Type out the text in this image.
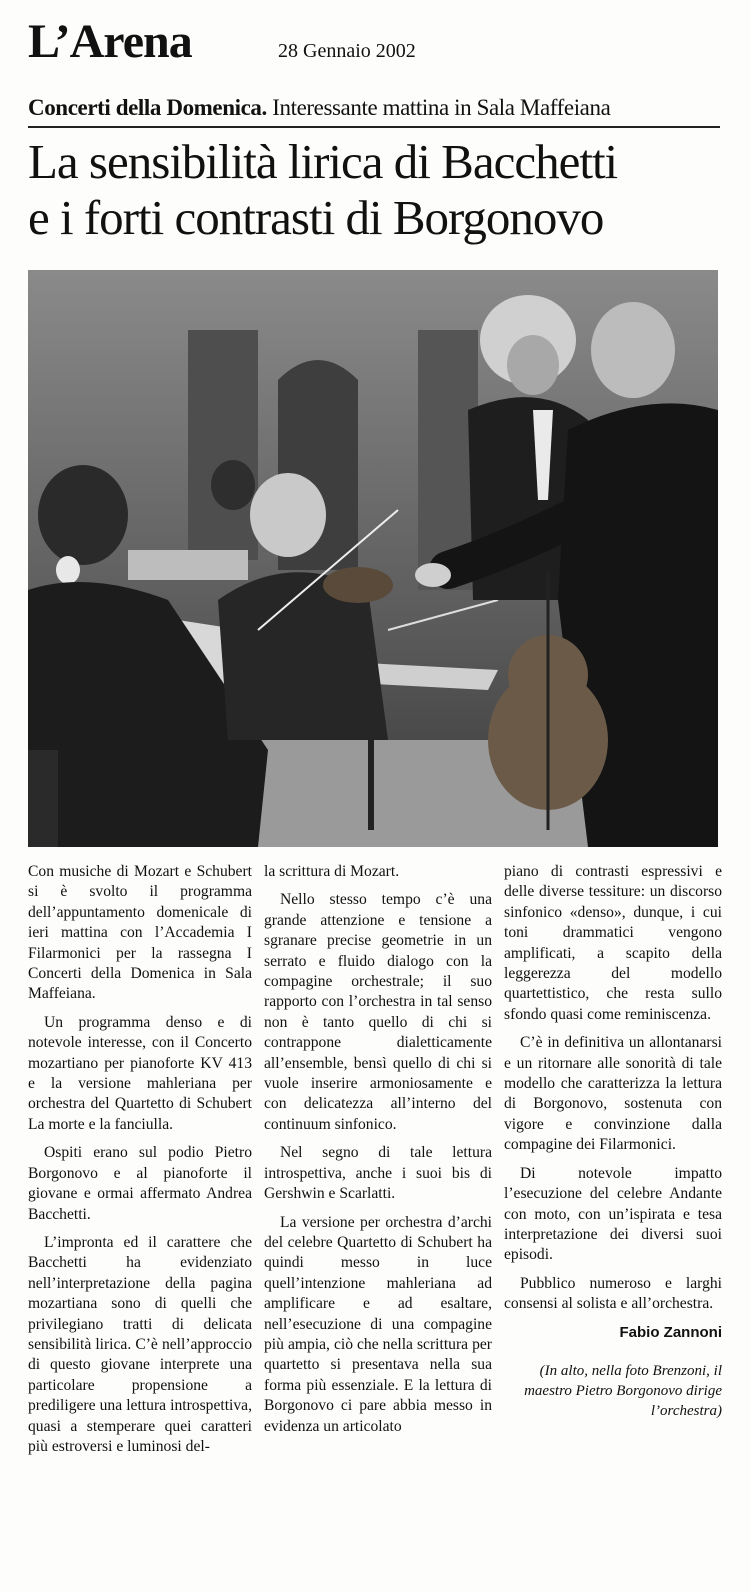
L’Arena	28 Gennaio 2002
Concerti della Domenica. Interessante mattina in Sala Maffeiana
La sensibilità lirica di Bacchetti
e i forti contrasti di Borgonovo

Con musiche di Mozart e Schubert si è svolto il programma dell’appuntamento domenicale di ieri mattina con l’Accademia I Filarmonici per la rassegna I Concerti della Domenica in Sala Maffeiana.

Un programma denso e di notevole interesse, con il Concerto mozartiano per pianoforte KV 413 e la versione mahleriana per orchestra del Quartetto di Schubert La morte e la fanciulla.

Ospiti erano sul podio Pietro Borgonovo e al pianoforte il giovane e ormai affermato Andrea Bacchetti.

L’impronta ed il carattere che Bacchetti ha evidenziato nell’interpretazione della pagina mozartiana sono di quelli che privilegiano tratti di delicata sensibilità lirica. C’è nell’approccio di questo giovane interprete una particolare propensione a prediligere una lettura introspettiva, quasi a stemperare quei caratteri più estroversi e luminosi del-

la scrittura di Mozart.

Nello stesso tempo c’è una grande attenzione e tensione a sgranare precise geometrie in un serrato e fluido dialogo con la compagine orchestrale; il suo rapporto con l’orchestra in tal senso non è tanto quello di chi si contrappone dialetticamente all’ensemble, bensì quello di chi si vuole inserire armoniosamente e con delicatezza all’interno del continuum sinfonico.

Nel segno di tale lettura introspettiva, anche i suoi bis di Gershwin e Scarlatti.

La versione per orchestra d’archi del celebre Quartetto di Schubert ha quindi messo in luce quell’intenzione mahleriana ad amplificare e ad esaltare, nell’esecuzione di una compagine più ampia, ciò che nella scrittura per quartetto si presentava nella sua forma più essenziale. E la lettura di Borgonovo ci pare abbia messo in evidenza un articolato

piano di contrasti espressivi e delle diverse tessiture: un discorso sinfonico «denso», dunque, i cui toni drammatici vengono amplificati, a scapito della leggerezza del modello quartettistico, che resta sullo sfondo quasi come reminiscenza.

C’è in definitiva un allontanarsi e un ritornare alle sonorità di tale modello che caratterizza la lettura di Borgonovo, sostenuta con vigore e convinzione dalla compagine dei Filarmonici.

Di notevole impatto l’esecuzione del celebre Andante con moto, con un’ispirata e tesa interpretazione dei diversi suoi episodi.

Pubblico numeroso e larghi consensi al solista e all’orchestra.

Fabio Zannoni
(In alto, nella foto Brenzoni, il maestro Pietro Borgonovo dirige l’orchestra)
